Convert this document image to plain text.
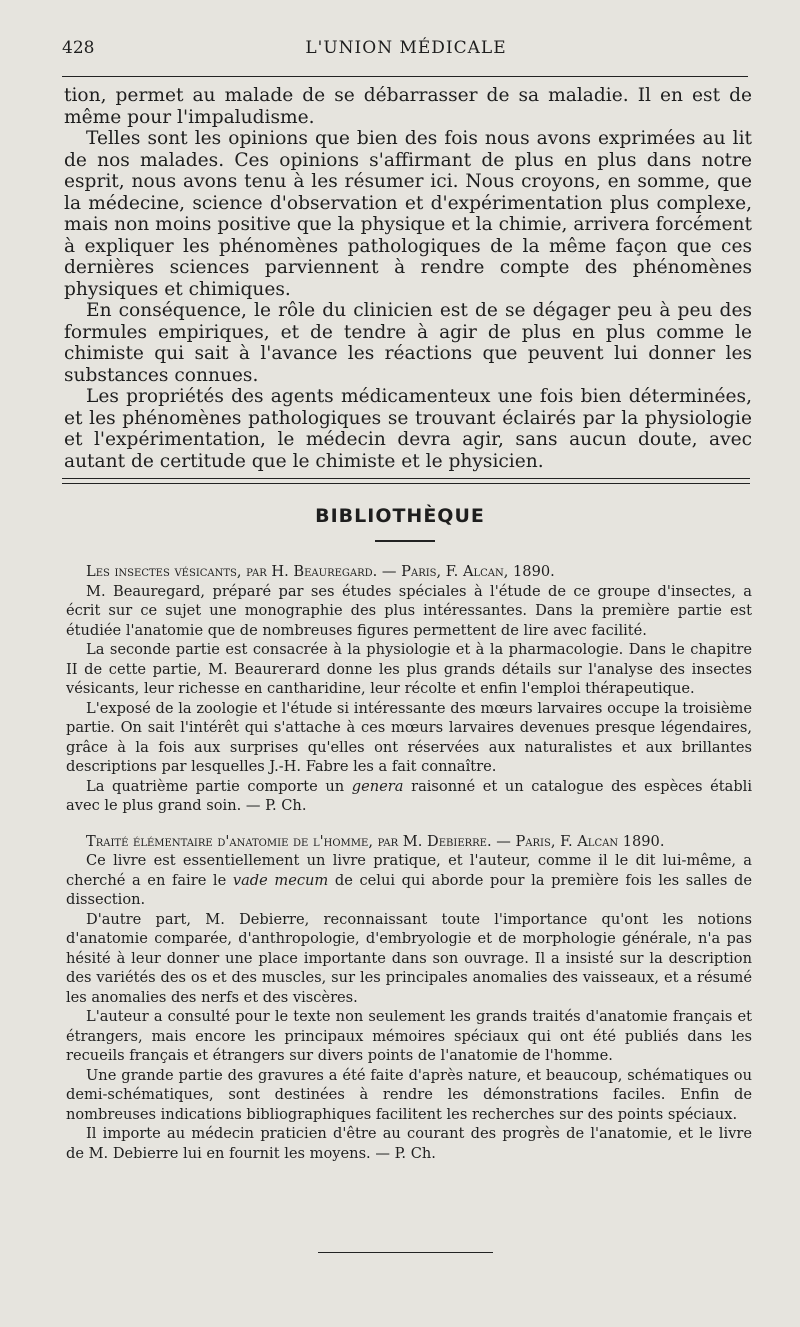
428	L'UNION MÉDICALE

tion, permet au malade de se débarrasser de sa maladie. Il en est de même pour l'impaludisme.

Telles sont les opinions que bien des fois nous avons exprimées au lit de nos malades. Ces opinions s'affirmant de plus en plus dans notre esprit, nous avons tenu à les résumer ici. Nous croyons, en somme, que la médecine, science d'observation et d'expérimentation plus complexe, mais non moins positive que la physique et la chimie, arrivera forcément à expliquer les phénomènes pathologiques de la même façon que ces dernières sciences parviennent à rendre compte des phénomènes physiques et chimiques.

En conséquence, le rôle du clinicien est de se dégager peu à peu des formules empiriques, et de tendre à agir de plus en plus comme le chimiste qui sait à l'avance les réactions que peuvent lui donner les substances connues.

Les propriétés des agents médicamenteux une fois bien déterminées, et les phénomènes pathologiques se trouvant éclairés par la physiologie et l'expérimentation, le médecin devra agir, sans aucun doute, avec autant de certitude que le chimiste et le physicien.

BIBLIOTHÈQUE

Les insectes vésicants, par H. Beauregard. — Paris, F. Alcan, 1890.

M. Beauregard, préparé par ses études spéciales à l'étude de ce groupe d'insectes, a écrit sur ce sujet une monographie des plus intéressantes. Dans la première partie est étudiée l'anatomie que de nombreuses figures permettent de lire avec facilité.

La seconde partie est consacrée à la physiologie et à la pharmacologie. Dans le chapitre II de cette partie, M. Beaurегard donne les plus grands détails sur l'analyse des insectes vésicants, leur richesse en cantharidine, leur récolte et enfin l'emploi thérapeutique.

L'exposé de la zoologie et l'étude si intéressante des mœurs larvaires occupe la troisième partie. On sait l'intérêt qui s'attache à ces mœurs larvaires devenues presque légendaires, grâce à la fois aux surprises qu'elles ont réservées aux naturalistes et aux brillantes descriptions par lesquelles J.-H. Fabre les a fait connaître.

La quatrième partie comporte un genera raisonné et un catalogue des espèces établi avec le plus grand soin. — P. Ch.

Traité élémentaire d'anatomie de l'homme, par M. Debierre. — Paris, F. Alcan 1890.

Ce livre est essentiellement un livre pratique, et l'auteur, comme il le dit lui-même, a cherché a en faire le vade mecum de celui qui aborde pour la première fois les salles de dissection.

D'autre part, M. Debierre, reconnaissant toute l'importance qu'ont les notions d'anatomie comparée, d'anthropologie, d'embryologie et de morphologie générale, n'a pas hésité à leur donner une place importante dans son ouvrage. Il a insisté sur la description des variétés des os et des muscles, sur les principales anomalies des vaisseaux, et a résumé les anomalies des nerfs et des viscères.

L'auteur a consulté pour le texte non seulement les grands traités d'anatomie français et étrangers, mais encore les principaux mémoires spéciaux qui ont été publiés dans les recueils français et étrangers sur divers points de l'anatomie de l'homme.

Une grande partie des gravures a été faite d'après nature, et beaucoup, schématiques ou demi-schématiques, sont destinées à rendre les démonstrations faciles. Enfin de nombreuses indications bibliographiques facilitent les recherches sur des points spéciaux.

Il importe au médecin praticien d'être au courant des progrès de l'anatomie, et le livre de M. Debierre lui en fournit les moyens. — P. Ch.
